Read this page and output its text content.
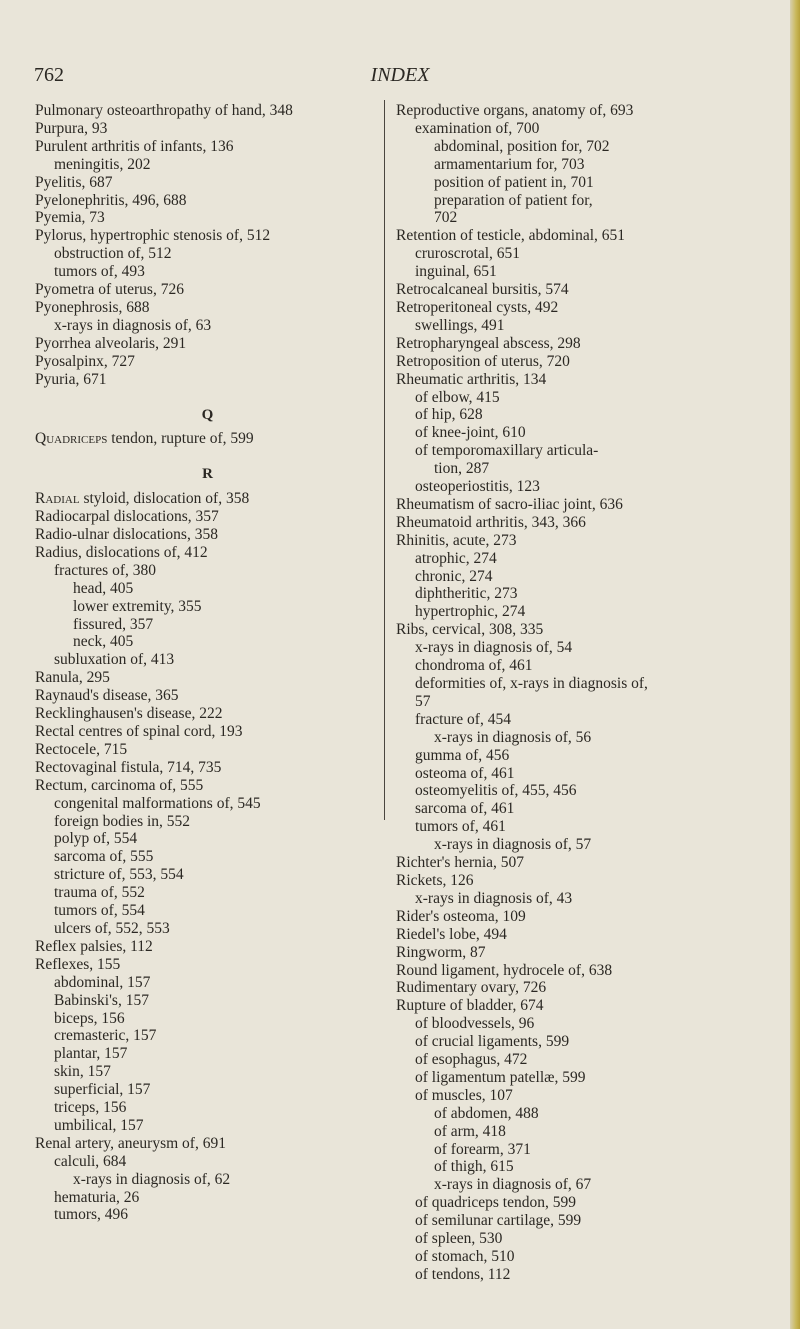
762	INDEX
Pulmonary osteoarthropathy of hand, 348
Purpura, 93
Purulent arthritis of infants, 136
meningitis, 202
Pyelitis, 687
Pyelonephritis, 496, 688
Pyemia, 73
Pylorus, hypertrophic stenosis of, 512
obstruction of, 512
tumors of, 493
Pyometra of uterus, 726
Pyonephrosis, 688
x-rays in diagnosis of, 63
Pyorrhea alveolaris, 291
Pyosalpinx, 727
Pyuria, 671
Q
Quadriceps tendon, rupture of, 599
R
Radial styloid, dislocation of, 358
Radiocarpal dislocations, 357
Radio-ulnar dislocations, 358
Radius, dislocations of, 412
fractures of, 380
head, 405
lower extremity, 355
fissured, 357
neck, 405
subluxation of, 413
Ranula, 295
Raynaud's disease, 365
Recklinghausen's disease, 222
Rectal centres of spinal cord, 193
Rectocele, 715
Rectovaginal fistula, 714, 735
Rectum, carcinoma of, 555
congenital malformations of, 545
foreign bodies in, 552
polyp of, 554
sarcoma of, 555
stricture of, 553, 554
trauma of, 552
tumors of, 554
ulcers of, 552, 553
Reflex palsies, 112
Reflexes, 155
abdominal, 157
Babinski's, 157
biceps, 156
cremasteric, 157
plantar, 157
skin, 157
superficial, 157
triceps, 156
umbilical, 157
Renal artery, aneurysm of, 691
calculi, 684
x-rays in diagnosis of, 62
hematuria, 26
tumors, 496
Reproductive organs, anatomy of, 693
examination of, 700
abdominal, position for, 702
armamentarium for, 703
position of patient in, 701
preparation of patient for,
702
Retention of testicle, abdominal, 651
cruroscrotal, 651
inguinal, 651
Retrocalcaneal bursitis, 574
Retroperitoneal cysts, 492
swellings, 491
Retropharyngeal abscess, 298
Retroposition of uterus, 720
Rheumatic arthritis, 134
of elbow, 415
of hip, 628
of knee-joint, 610
of temporomaxillary articula-
tion, 287
osteoperiostitis, 123
Rheumatism of sacro-iliac joint, 636
Rheumatoid arthritis, 343, 366
Rhinitis, acute, 273
atrophic, 274
chronic, 274
diphtheritic, 273
hypertrophic, 274
Ribs, cervical, 308, 335
x-rays in diagnosis of, 54
chondroma of, 461
deformities of, x-rays in diagnosis of,
57
fracture of, 454
x-rays in diagnosis of, 56
gumma of, 456
osteoma of, 461
osteomyelitis of, 455, 456
sarcoma of, 461
tumors of, 461
x-rays in diagnosis of, 57
Richter's hernia, 507
Rickets, 126
x-rays in diagnosis of, 43
Rider's osteoma, 109
Riedel's lobe, 494
Ringworm, 87
Round ligament, hydrocele of, 638
Rudimentary ovary, 726
Rupture of bladder, 674
of bloodvessels, 96
of crucial ligaments, 599
of esophagus, 472
of ligamentum patellæ, 599
of muscles, 107
of abdomen, 488
of arm, 418
of forearm, 371
of thigh, 615
x-rays in diagnosis of, 67
of quadriceps tendon, 599
of semilunar cartilage, 599
of spleen, 530
of stomach, 510
of tendons, 112
